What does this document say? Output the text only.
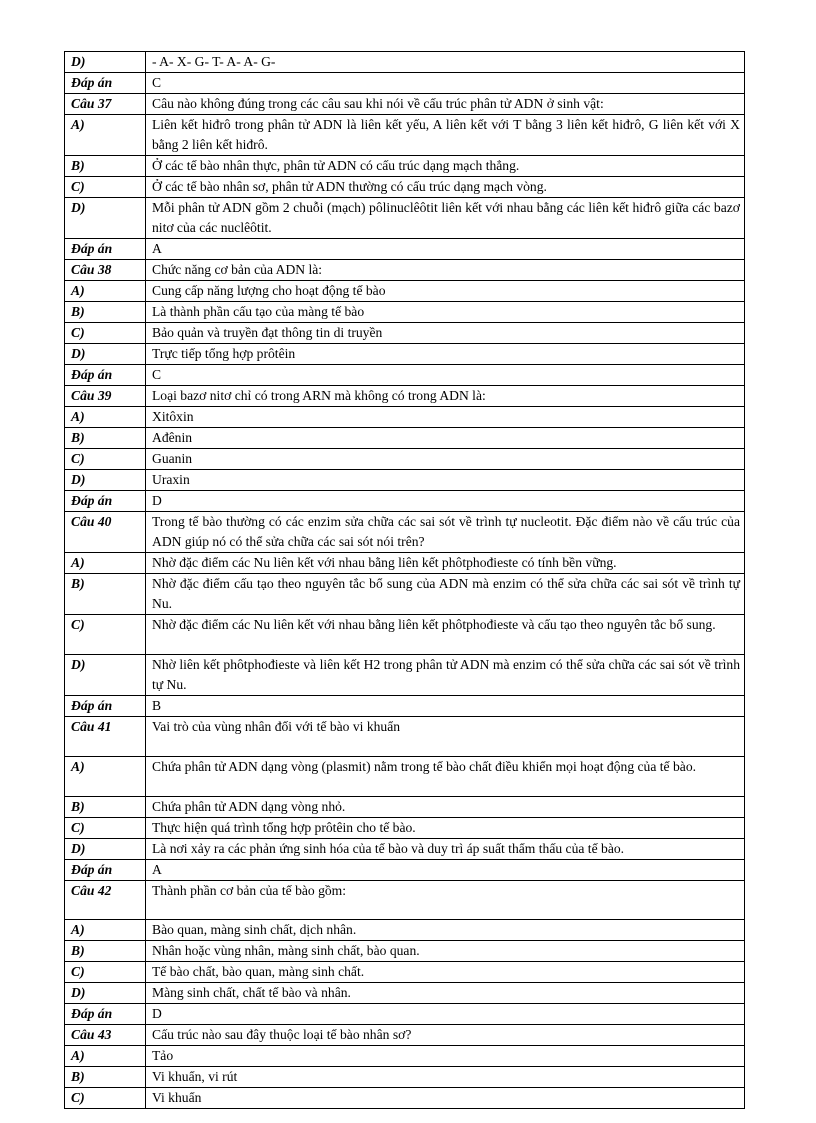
D)	- A- X- G- T- A- A- G-
Đáp án	C
Câu 37	Câu nào không đúng trong các câu sau khi nói về cấu trúc phân tử ADN ở sinh vật:
A)	Liên kết hiđrô trong phân tử ADN là liên kết yếu, A liên kết với T bằng 3 liên kết hiđrô, G liên kết với X bằng 2 liên kết hiđrô.
B)	Ở các tế bào nhân thực, phân tử ADN có cấu trúc dạng mạch thẳng.
C)	Ở các tế bào nhân sơ, phân tử ADN thường có cấu trúc dạng mạch vòng.
D)	Mỗi phân tử ADN gồm 2 chuỗi (mạch) pôlinuclêôtit liên kết với nhau bằng các liên kết hiđrô giữa các bazơ nitơ của các nuclêôtit.
Đáp án	A
Câu 38	Chức năng cơ bản của ADN là:
A)	Cung cấp năng lượng cho hoạt động tế bào
B)	Là thành phần cấu tạo của màng tế bào
C)	Bảo quản và truyền đạt thông tin di truyền
D)	Trực tiếp tổng hợp prôtêin
Đáp án	C
Câu 39	Loại bazơ nitơ chỉ có trong ARN mà không có trong ADN là:
A)	Xitôxin
B)	Ađênin
C)	Guanin
D)	Uraxin
Đáp án	D
Câu 40	Trong tế bào thường có các enzim sửa chữa các sai sót về trình tự nucleotit. Đặc điểm nào về cấu trúc của ADN giúp nó có thể sửa chữa các sai sót nói trên?
A)	Nhờ đặc điểm các Nu liên kết với nhau bằng liên kết phôtphođieste có tính bền vững.
B)	Nhờ đặc điểm cấu tạo theo nguyên tắc bổ sung của ADN mà enzim có thể sửa chữa các sai sót về trình tự Nu.
C)	Nhờ đặc điểm các Nu liên kết với nhau bằng liên kết phôtphođieste và cấu tạo theo nguyên tắc bổ sung.
D)	Nhờ liên kết phôtphođieste và liên kết H2 trong phân tử ADN mà enzim có thể sửa chữa các sai sót về trình tự Nu.
Đáp án	B
Câu 41	Vai trò của vùng nhân đối với tế bào vi khuẩn
A)	Chứa phân tử ADN dạng vòng (plasmit) nằm trong tế bào chất điều khiển mọi hoạt động của tế bào.
B)	Chứa phân tử ADN dạng vòng nhỏ.
C)	Thực hiện quá trình tổng hợp prôtêin cho tế bào.
D)	Là nơi xảy ra các phản ứng sinh hóa của tế bào và duy trì áp suất thẩm thấu của tế bào.
Đáp án	A
Câu 42	Thành phần cơ bản của tế bào gồm:
A)	Bào quan, màng sinh chất, dịch nhân.
B)	Nhân hoặc vùng nhân, màng sinh chất, bào quan.
C)	Tế bào chất, bào quan, màng sinh chất.
D)	Màng sinh chất, chất tế bào và nhân.
Đáp án	D
Câu 43	Cấu trúc nào sau đây thuộc loại tế bào nhân sơ?
A)	Tảo
B)	Vi khuẩn, vi rút
C)	Vi khuẩn
